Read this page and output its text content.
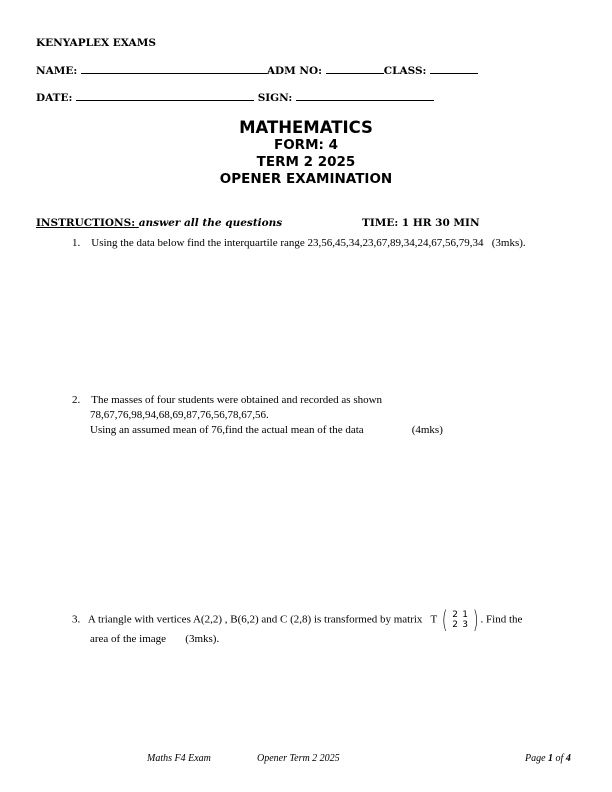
KENYAPLEX EXAMS
NAME:	ADM NO:	CLASS:
DATE:	SIGN:
MATHEMATICS
FORM: 4
TERM 2 2025
OPENER EXAMINATION
INSTRUCTIONS: answer all the questions	TIME: 1 HR 30 MIN
1. Using the data below find the interquartile range 23,56,45,34,23,67,89,34,24,67,56,79,34 (3mks).
2. The masses of four students were obtained and recorded as shown
78,67,76,98,94,68,69,87,76,56,78,67,56.
Using an assumed mean of 76,find the actual mean of the data	(4mks)
3. A triangle with vertices A(2,2) , B(6,2) and C (2,8) is transformed by matrix T ( 2 1
2 3 ) . Find the
area of the image (3mks).
Maths F4 Exam	Opener Term 2 2025	Page 1 of 4
